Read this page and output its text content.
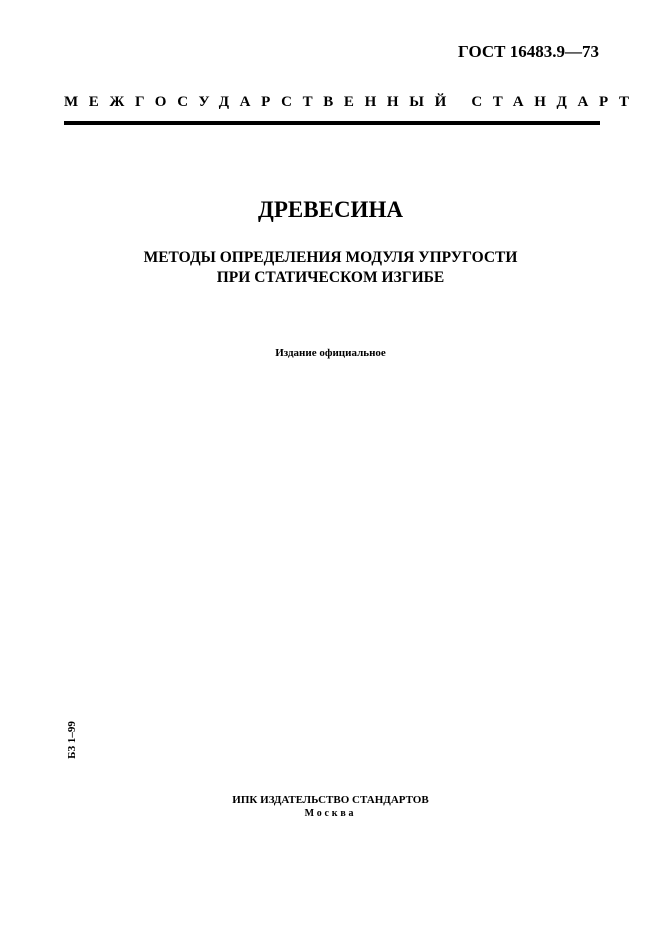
ГОСТ 16483.9—73
МЕЖГОСУДАРСТВЕННЫЙ СТАНДАРТ
ДРЕВЕСИНА
МЕТОДЫ ОПРЕДЕЛЕНИЯ МОДУЛЯ УПРУГОСТИ
ПРИ СТАТИЧЕСКОМ ИЗГИБЕ
Издание официальное
БЗ 1–99
ИПК ИЗДАТЕЛЬСТВО СТАНДАРТОВ
Москва
